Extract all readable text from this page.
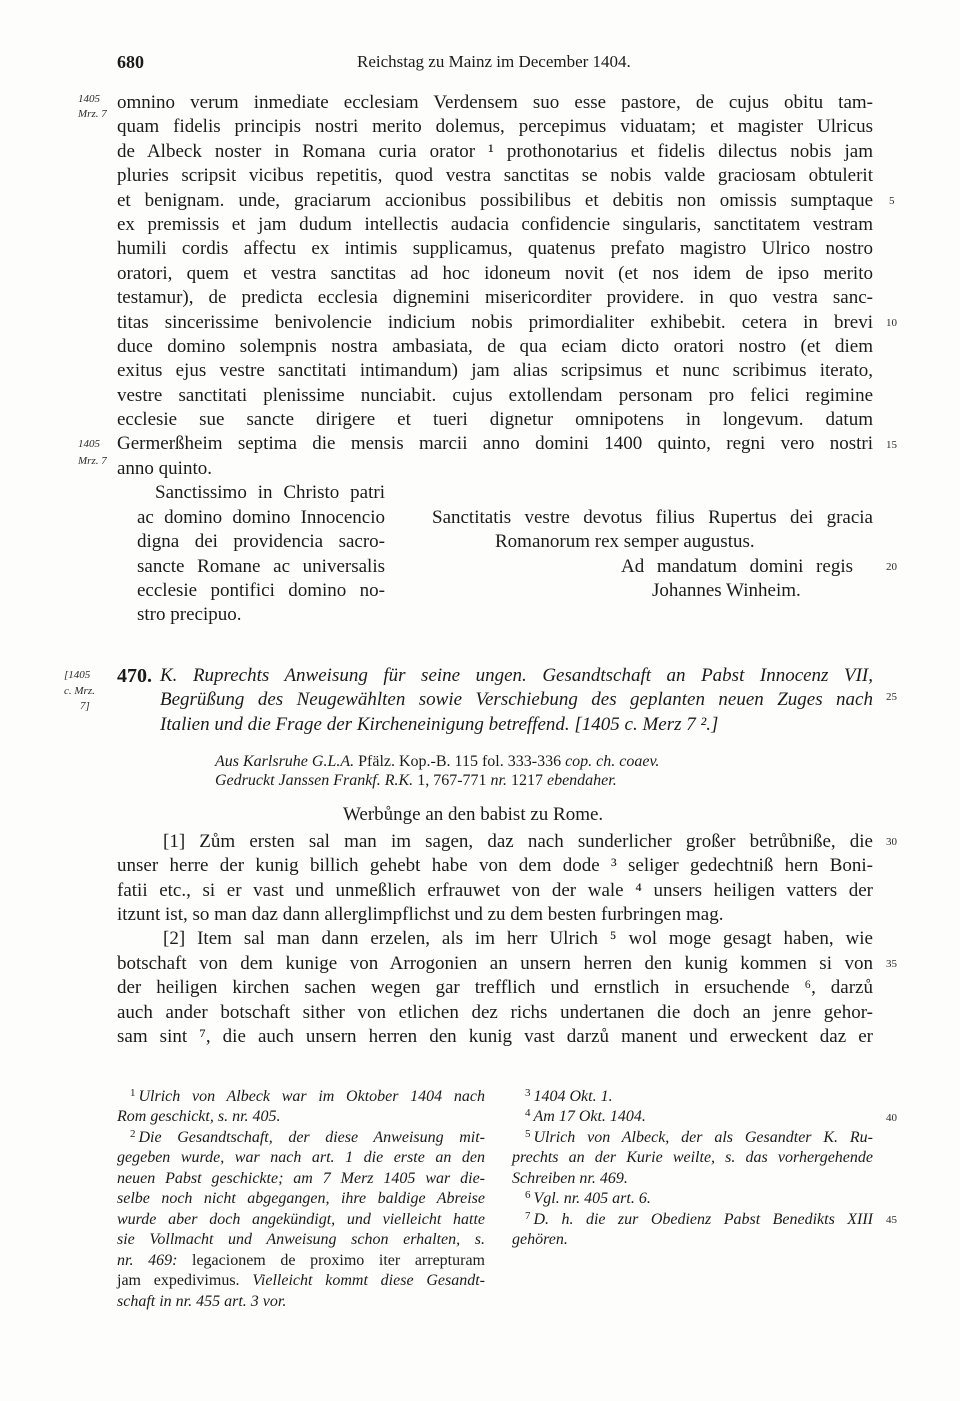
680	Reichstag zu Mainz im December 1404.
1405
Mrz. 7
1405
Mrz. 7
[1405
c. Mrz.
7]
5
10
15
20
25
30
35
40
45
omnino verum inmediate ecclesiam Verdensem suo esse pastore, de cujus obitu tam-
quam fidelis principis nostri merito dolemus, percepimus viduatam; et magister Ulricus
de Albeck noster in Romana curia orator ¹ prothonotarius et fidelis dilectus nobis jam
pluries scripsit vicibus repetitis, quod vestra sanctitas se nobis valde graciosam obtulerit
et benignam. unde, graciarum accionibus possibilibus et debitis non omissis sumptaque
ex premissis et jam dudum intellectis audacia confidencie singularis, sanctitatem vestram
humili cordis affectu ex intimis supplicamus, quatenus prefato magistro Ulrico nostro
oratori, quem et vestra sanctitas ad hoc idoneum novit (et nos idem de ipso merito
testamur), de predicta ecclesia dignemini misericorditer providere. in quo vestra sanc-
titas sincerissime benivolencie indicium nobis primordialiter exhibebit. cetera in brevi
duce domino solempnis nostra ambasiata, de qua eciam dicto oratori nostro (et diem
exitus ejus vestre sanctitati intimandum) jam alias scripsimus et nunc scribimus iterato,
vestre sanctitati plenissime nunciabit. cujus extollendam personam pro felici regimine
ecclesie sue sancte dirigere et tueri dignetur omnipotens in longevum. datum
Germerßheim septima die mensis marcii anno domini 1400 quinto, regni vero nostri
anno quinto.
Sanctissimo in Christo patri
ac domino domino Innocencio
digna dei providencia sacro-
sancte Romane ac universalis
ecclesie pontifici domino no-
stro precipuo.
Sanctitatis vestre devotus filius Rupertus dei gracia
Romanorum rex semper augustus.
Ad mandatum domini regis
Johannes Winheim.
470. K. Ruprechts Anweisung für seine ungen. Gesandtschaft an Pabst Innocenz VII,
Begrüßung des Neugewählten sowie Verschiebung des geplanten neuen Zuges nach
Italien und die Frage der Kircheneinigung betreffend. [1405 c. Merz 7 ².]
Aus Karlsruhe G.L.A. Pfälz. Kop.-B. 115 fol. 333-336 cop. ch. coaev.
Gedruckt Janssen Frankf. R.K. 1, 767-771 nr. 1217 ebendaher.
Werbůnge an den babist zu Rome.
[1] Zům ersten sal man im sagen, daz nach sunderlicher großer betrůbniße, die
unser herre der kunig billich gehebt habe von dem dode ³ seliger gedechtniß hern Boni-
fatii etc., si er vast und unmeßlich erfrauwet von der wale ⁴ unsers heiligen vatters der
itzunt ist, so man daz dann allerglimpflichst und zu dem besten furbringen mag.
[2] Item sal man dann erzelen, als im herr Ulrich ⁵ wol moge gesagt haben, wie
botschaft von dem kunige von Arrogonien an unsern herren den kunig kommen si von
der heiligen kirchen sachen wegen gar trefflich und ernstlich in ersuchende ⁶, darzů
auch ander botschaft sither von etlichen dez richs undertanen die doch an jenre gehor-
sam sint ⁷, die auch unsern herren den kunig vast darzů manent und erweckent daz er
$^1$ Ulrich von Albeck war im Oktober 1404 nach
Rom geschickt, s. nr. 405.
$^2$ Die Gesandtschaft, der diese Anweisung mit-
gegeben wurde, war nach art. 1 die erste an den
neuen Pabst geschickte; am 7 Merz 1405 war die-
selbe noch nicht abgegangen, ihre baldige Abreise
wurde aber doch angekündigt, und vielleicht hatte
sie Vollmacht und Anweisung schon erhalten, s.
nr. 469: legacionem de proximo iter arrepturam
jam expedivimus. Vielleicht kommt diese Gesandt-
schaft in nr. 455 art. 3 vor.
$^3$ 1404 Okt. 1.
$^4$ Am 17 Okt. 1404.
$^5$ Ulrich von Albeck, der als Gesandter K. Ru-
prechts an der Kurie weilte, s. das vorhergehende
Schreiben nr. 469.
$^6$ Vgl. nr. 405 art. 6.
$^7$ D. h. die zur Obedienz Pabst Benedikts XIII
gehören.
